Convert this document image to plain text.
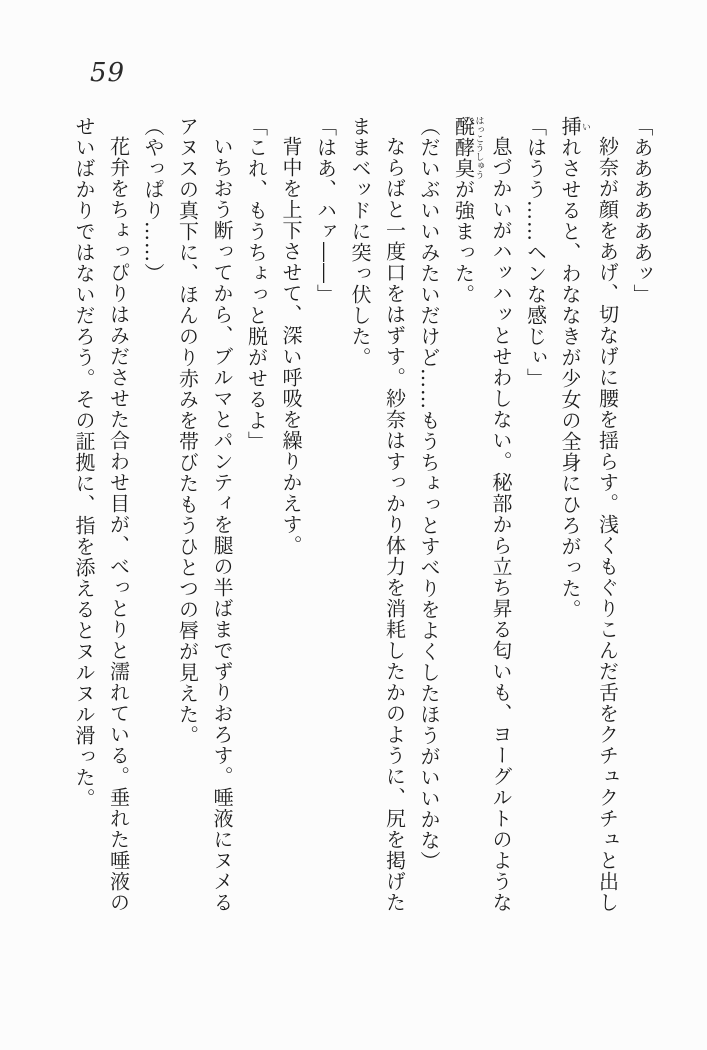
59

「ああああああッ」

紗奈が顔をあげ、切なげに腰を揺らす。浅くもぐりこんだ舌をクチュクチュと出し

挿いれさせると、わななきが少女の全身にひろがった。

「はうう……ヘンな感じぃ」

息づかいがハッハッとせわしない。秘部から立ち昇る匂いも、ヨーグルトのような

醗酵臭はっこうしゅうが強まった。

（だいぶいいみたいだけど……もうちょっとすべりをよくしたほうがいいかな）

ならばと一度口をはずす。紗奈はすっかり体力を消耗したかのように、尻を掲げた

ままベッドに突っ伏した。

「はあ、ハァ――」

背中を上下させて、深い呼吸を繰りかえす。

「これ、もうちょっと脱がせるよ」

いちおう断ってから、ブルマとパンティを腿の半ばまでずりおろす。唾液にヌメる

アヌスの真下に、ほんのり赤みを帯びたもうひとつの唇が見えた。

（やっぱり……）

花弁をちょっぴりはみださせた合わせ目が、べっとりと濡れている。垂れた唾液の

せいばかりではないだろう。その証拠に、指を添えるとヌルヌル滑った。
